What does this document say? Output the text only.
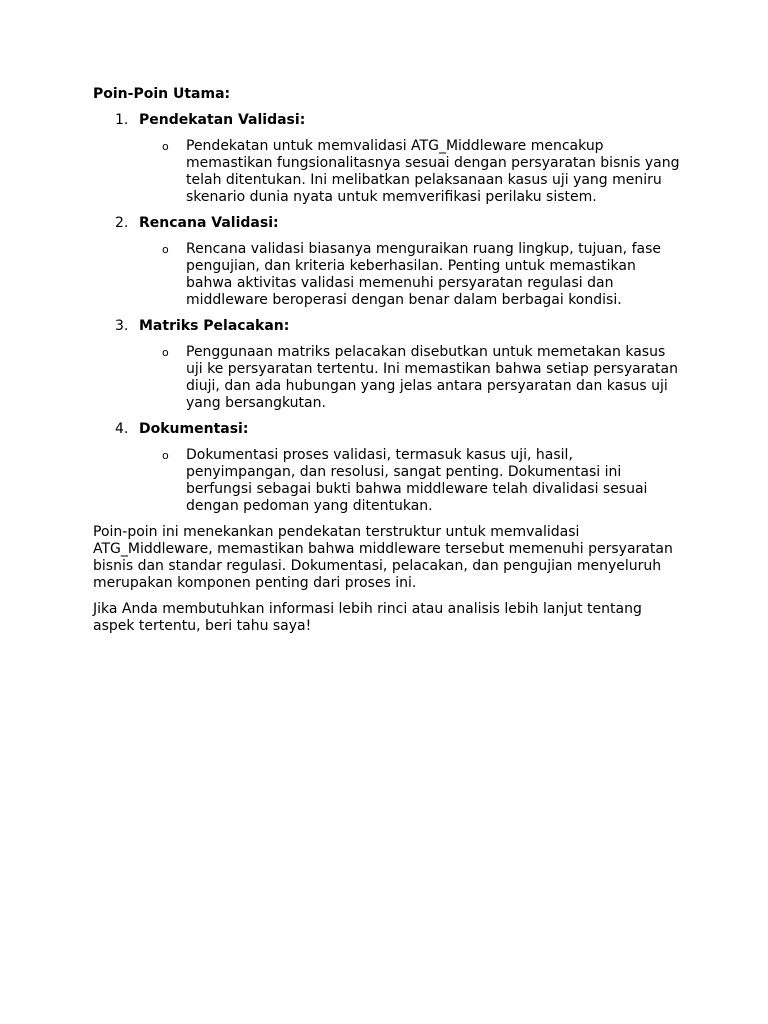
Poin-Poin Utama:
1. Pendekatan Validasi:
o Pendekatan untuk memvalidasi ATG_Middleware mencakup memastikan fungsionalitasnya sesuai dengan persyaratan bisnis yang telah ditentukan. Ini melibatkan pelaksanaan kasus uji yang meniru skenario dunia nyata untuk memverifikasi perilaku sistem.
2. Rencana Validasi:
o Rencana validasi biasanya menguraikan ruang lingkup, tujuan, fase pengujian, dan kriteria keberhasilan. Penting untuk memastikan bahwa aktivitas validasi memenuhi persyaratan regulasi dan middleware beroperasi dengan benar dalam berbagai kondisi.
3. Matriks Pelacakan:
o Penggunaan matriks pelacakan disebutkan untuk memetakan kasus uji ke persyaratan tertentu. Ini memastikan bahwa setiap persyaratan diuji, dan ada hubungan yang jelas antara persyaratan dan kasus uji yang bersangkutan.
4. Dokumentasi:
o Dokumentasi proses validasi, termasuk kasus uji, hasil, penyimpangan, dan resolusi, sangat penting. Dokumentasi ini berfungsi sebagai bukti bahwa middleware telah divalidasi sesuai dengan pedoman yang ditentukan.
Poin-poin ini menekankan pendekatan terstruktur untuk memvalidasi ATG_Middleware, memastikan bahwa middleware tersebut memenuhi persyaratan bisnis dan standar regulasi. Dokumentasi, pelacakan, dan pengujian menyeluruh merupakan komponen penting dari proses ini.
Jika Anda membutuhkan informasi lebih rinci atau analisis lebih lanjut tentang aspek tertentu, beri tahu saya!
